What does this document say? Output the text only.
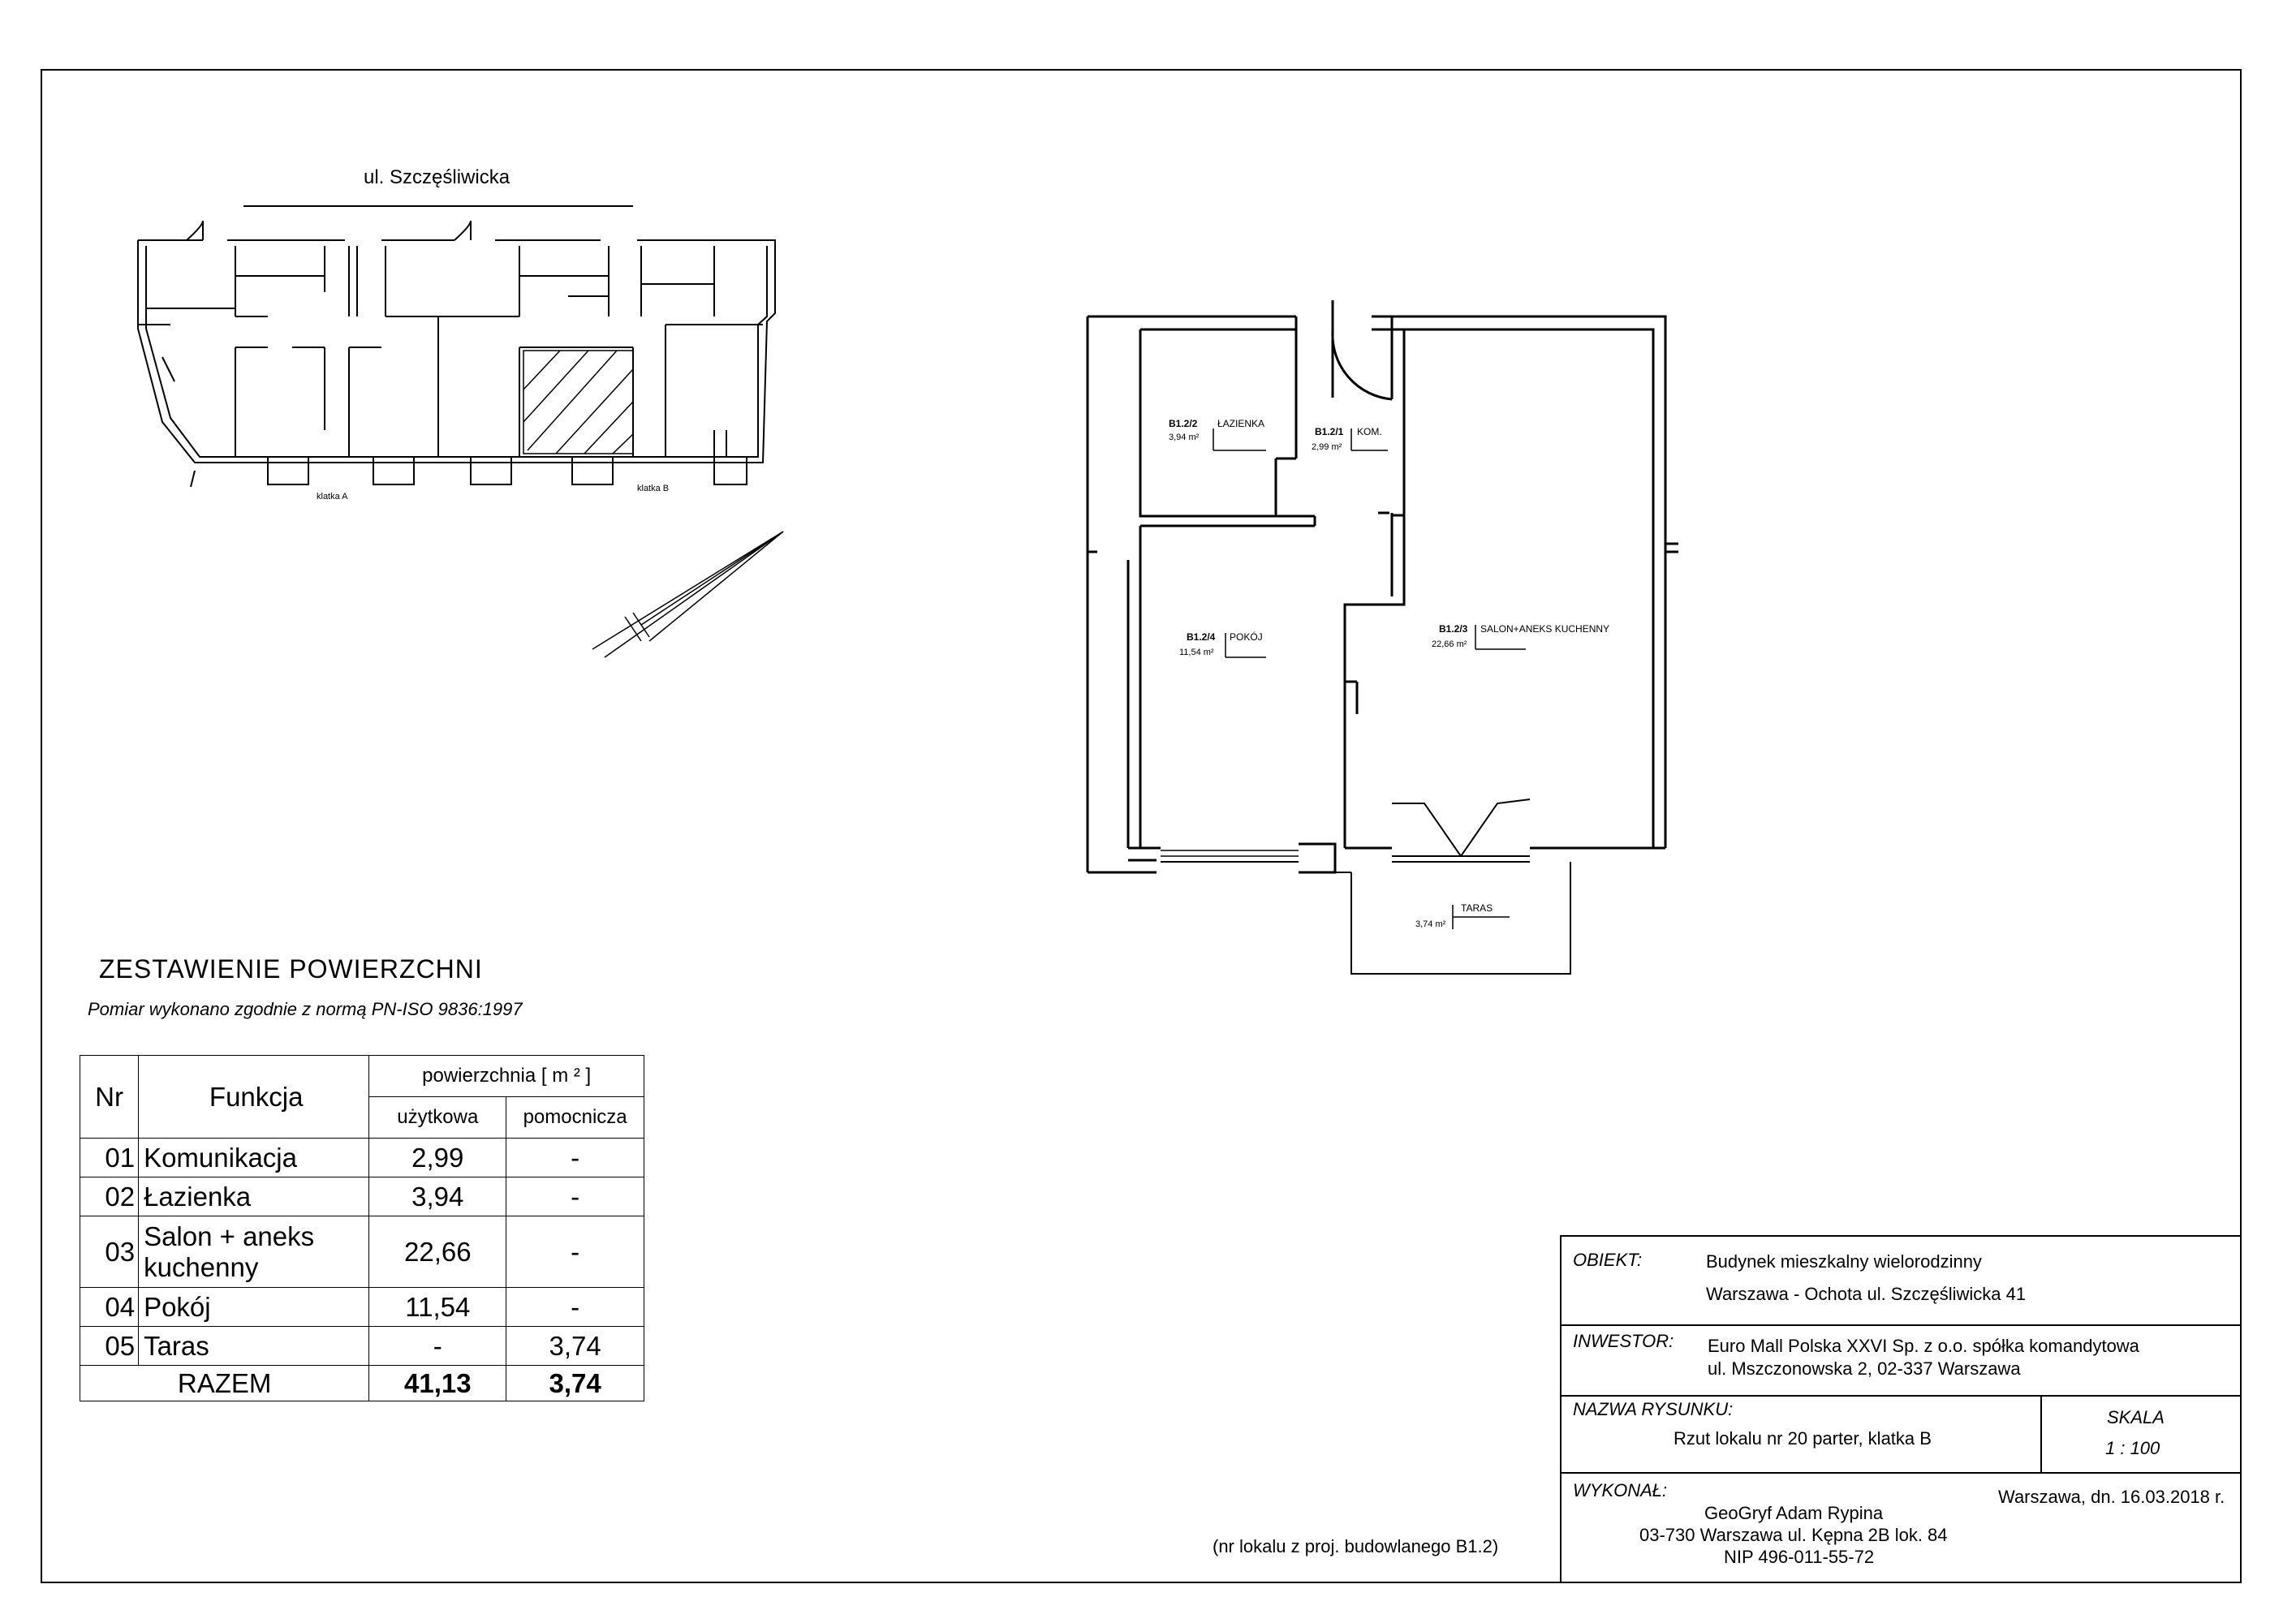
ul. Szczęśliwicka
klatka A
klatka B
B1.2/2 ŁAZIENKA
3,94 m²	B1.2/1 KOM.
2,99 m²
B1.2/4 POKÓJ
11,54 m²
B1.2/3 SALON+ANEKS KUCHENNY
22,66 m²
TARAS
3,74 m²
ZESTAWIENIE POWIERZCHNI
Pomiar wykonano zgodnie z normą PN-ISO 9836:1997
Nr	Funkcja	powierzchnia [ m ² ]	
		użytkowa	pomocnicza
01	Komunikacja	2,99	-
02	Łazienka	3,94	-
03	Salon + aneks kuchenny	22,66	-
04	Pokój	11,54	-
05	Taras	-	3,74
RAZEM		41,13	3,74
(nr lokalu z proj. budowlanego B1.2)
OBIEKT:	Budynek mieszkalny wielorodzinny
Warszawa - Ochota ul. Szczęśliwicka 41
INWESTOR: Euro Mall Polska XXVI Sp. z o.o. spółka komandytowa
ul. Mszczonowska 2, 02-337 Warszawa
NAZWA RYSUNKU:
Rzut lokalu nr 20 parter, klatka B
SKALA
1 : 100
WYKONAŁ:	Warszawa, dn. 16.03.2018 r.
GeoGryf Adam Rypina
03-730 Warszawa ul. Kępna 2B lok. 84
NIP 496-011-55-72
